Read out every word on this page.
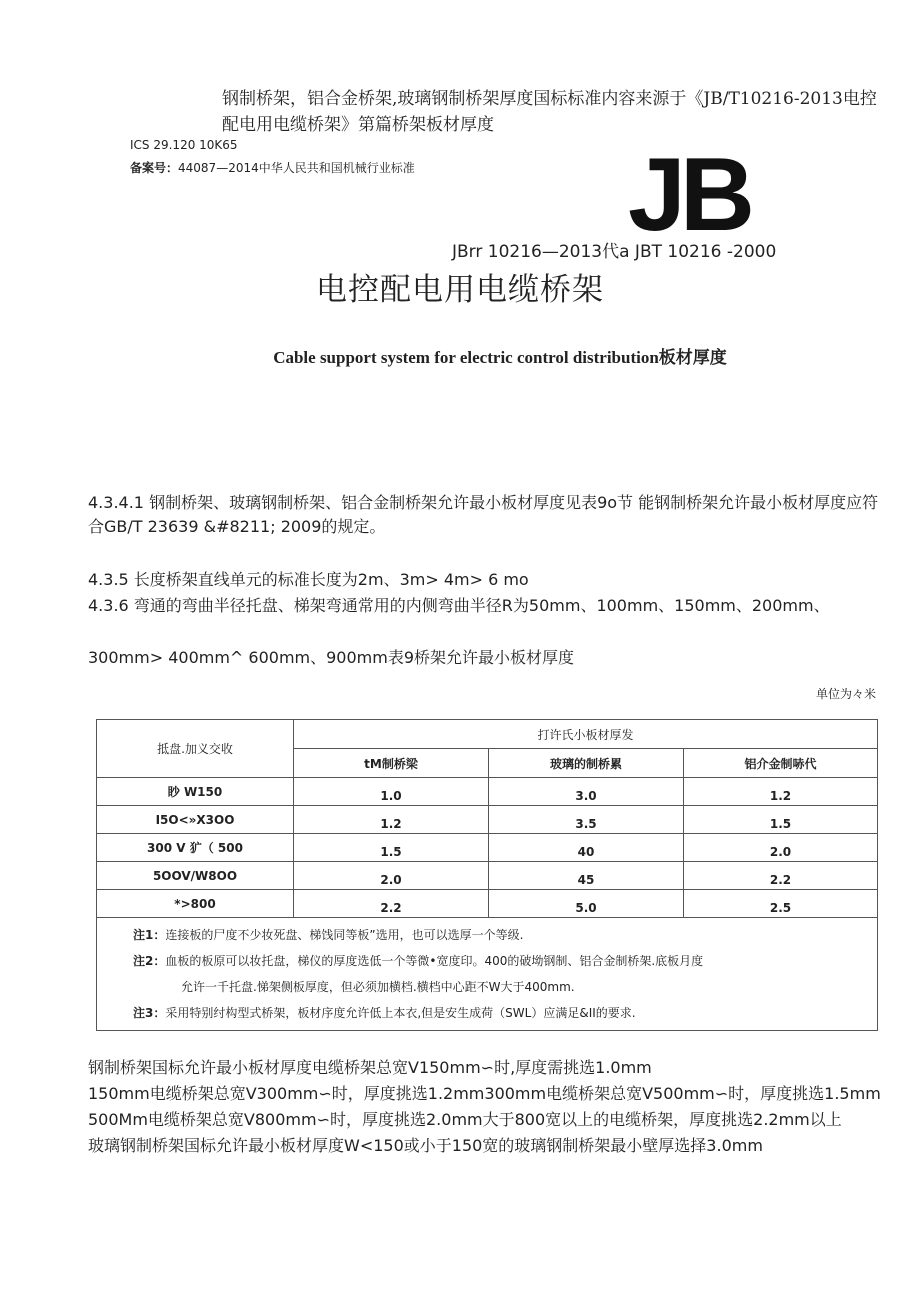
钢制桥架，铝合金桥架,玻璃钢制桥架厚度国标标准内容来源于《JB/T10216-2013电控配电用电缆桥架》第篇桥架板材厚度
ICS 29.120 10K65
备案号：44087—2014中华人民共和国机械行业标准 JB
JBrr 10216—2013代a JBT 10216 -2000
电控配电用电缆桥架
Cable support system for electric control distribution板材厚度
4.3.4.1 钢制桥架、玻璃钢制桥架、铝合金制桥架允许最小板材厚度见表9o节 能钢制桥架允许最小板材厚度应符合GB/T 23639 &#8211; 2009的规定。
4.3.5 长度桥架直线单元的标准长度为2m、3m> 4m> 6 mo
4.3.6 弯通的弯曲半径托盘、梯架弯通常用的内侧弯曲半径R为50mm、100mm、150mm、200mm、
300mm> 400mm^ 600mm、900mm表9桥架允许最小板材厚度
单位为々米
抵盘.加义交收	打许氏小板材厚发		
	tM制桥梁	玻璃的制桥累	铝介金制哧代
眇 W150	1.0	3.0	1.2
I5O<»X3OO	1.2	3.5	1.5
300 V 犷（ 500	1.5	40	2.0
5OOV/W8OO	2.0	45	2.2
*>800	2.2	5.0	2.5

注1：连接板的尸度不少妆死盘、梯饯同等板”选用，也可以选厚一个等级.
注2：血板的板原可以妆托盘，梯仪的厚度选低一个等微•宽度印。400的破坳钢制、铝合金制桥架.底板月度
允许一千托盘.悌架侧板厚度，但必须加横档.横档中心距不W大于400mm.
注3：采用特别纣构型式桥架，板材序度允许低上本衣,但是安生成荷（SWL）应满足&II的要求.			
钢制桥架国标允许最小板材厚度电缆桥架总宽V150mm∽时,厚度需挑选1.0mm
150mm电缆桥架总宽V300mm∽时，厚度挑选1.2mm300mm电缆桥架总宽V500mm∽时，厚度挑选1.5mm
500Mm电缆桥架总宽V800mm∽时，厚度挑选2.0mm大于800宽以上的电缆桥架，厚度挑选2.2mm以上
玻璃钢制桥架国标允许最小板材厚度W<150或小于150宽的玻璃钢制桥架最小壁厚选择3.0mm
